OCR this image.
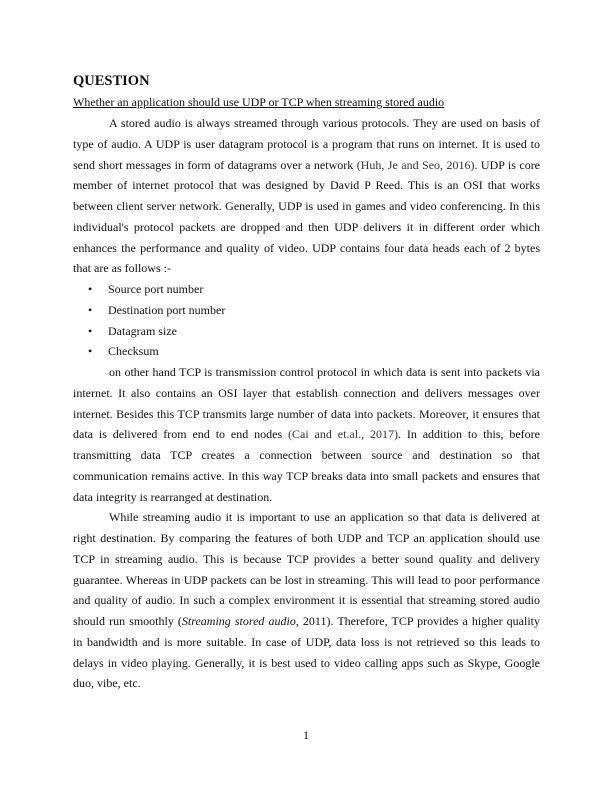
QUESTION
Whether an application should use UDP or TCP when streaming stored audio
A stored audio is always streamed through various protocols. They are used on basis of
type of audio. A UDP is user datagram protocol is a program that runs on internet. It is used to
send short messages in form of datagrams over a network (Huh, Je and Seo, 2016). UDP is core
member of internet protocol that was designed by David P Reed. This is an OSI that works
between client server network. Generally, UDP is used in games and video conferencing. In this
individual's protocol packets are dropped and then UDP delivers it in different order which
enhances the performance and quality of video. UDP contains four data heads each of 2 bytes
that are as follows :-
• Source port number
• Destination port number
• Datagram size
• Checksum
on other hand TCP is transmission control protocol in which data is sent into packets via
internet. It also contains an OSI layer that establish connection and delivers messages over
internet. Besides this TCP transmits large number of data into packets. Moreover, it ensures that
data is delivered from end to end nodes (Cai and et.al., 2017). In addition to this, before
transmitting data TCP creates a connection between source and destination so that
communication remains active. In this way TCP breaks data into small packets and ensures that
data integrity is rearranged at destination.
While streaming audio it is important to use an application so that data is delivered at
right destination. By comparing the features of both UDP and TCP an application should use
TCP in streaming audio. This is because TCP provides a better sound quality and delivery
guarantee. Whereas in UDP packets can be lost in streaming. This will lead to poor performance
and quality of audio. In such a complex environment it is essential that streaming stored audio
should run smoothly (Streaming stored audio, 2011). Therefore, TCP provides a higher quality
in bandwidth and is more suitable. In case of UDP, data loss is not retrieved so this leads to
delays in video playing. Generally, it is best used to video calling apps such as Skype, Google
duo, vibe, etc.
1
